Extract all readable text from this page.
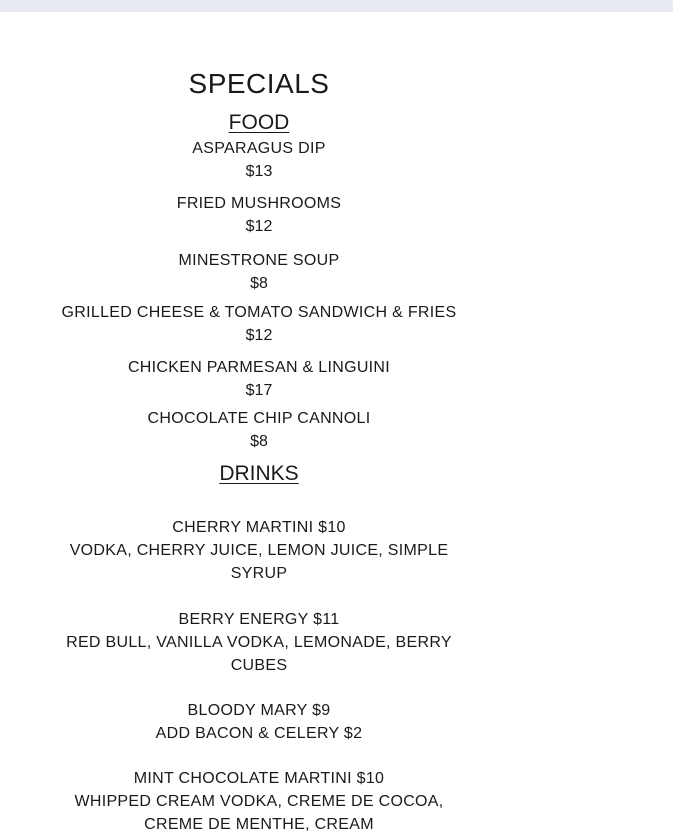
SPECIALS
FOOD
ASPARAGUS DIP
$13
FRIED MUSHROOMS
$12
MINESTRONE SOUP
$8
GRILLED CHEESE & TOMATO SANDWICH & FRIES
$12
CHICKEN PARMESAN & LINGUINI
$17
CHOCOLATE CHIP CANNOLI
$8
DRINKS
CHERRY MARTINI $10
VODKA, CHERRY JUICE, LEMON JUICE, SIMPLE
SYRUP
BERRY ENERGY $11
RED BULL, VANILLA VODKA, LEMONADE, BERRY
CUBES
BLOODY MARY $9
ADD BACON & CELERY $2
MINT CHOCOLATE MARTINI $10
WHIPPED CREAM VODKA, CREME DE COCOA,
CREME DE MENTHE, CREAM
